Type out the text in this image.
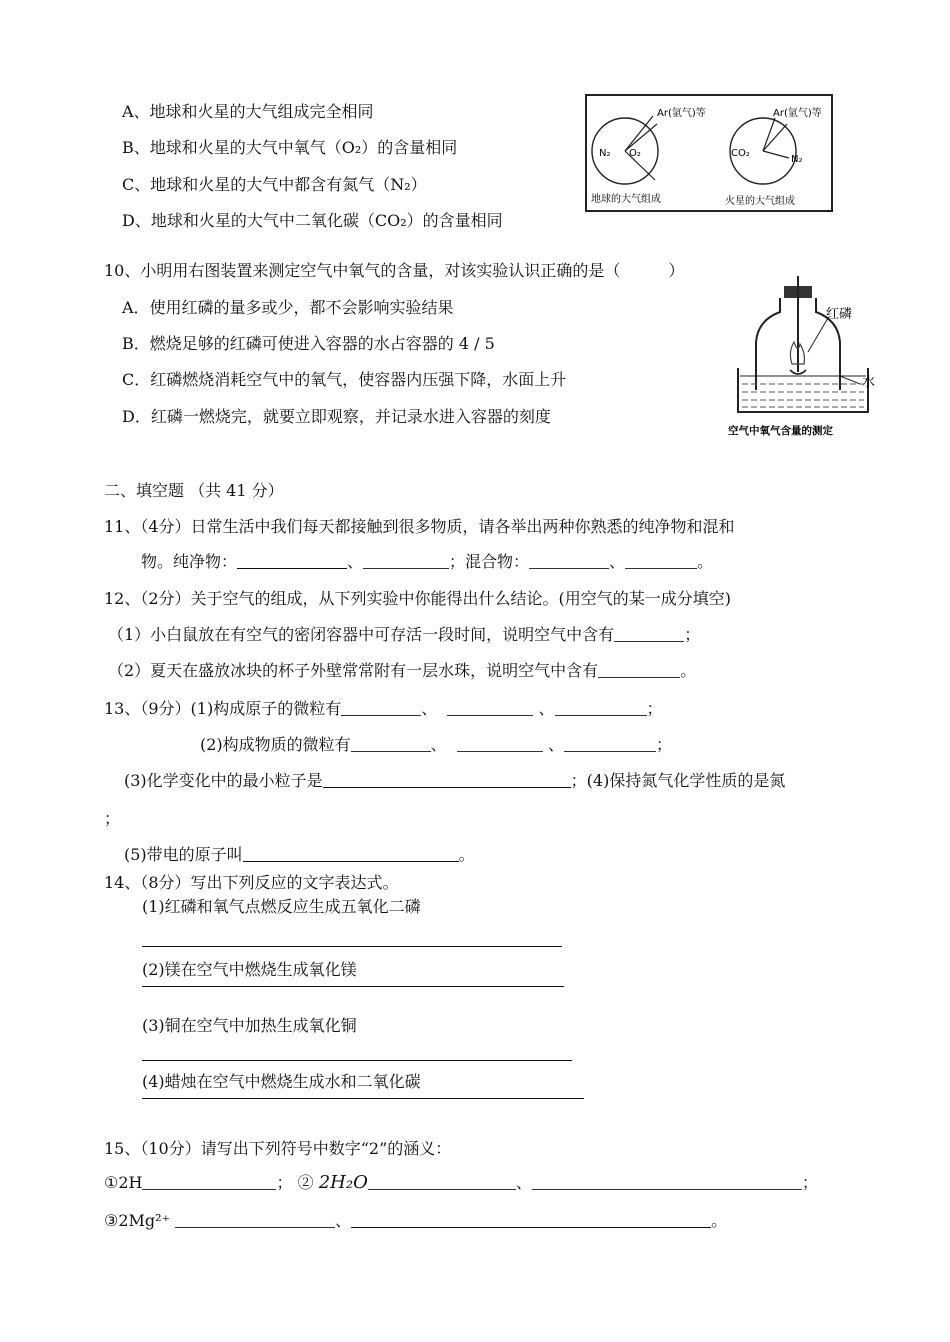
A、地球和火星的大气组成完全相同
B、地球和火星的大气中氧气（O₂）的含量相同
C、地球和火星的大气中都含有氮气（N₂）
D、地球和火星的大气中二氧化碳（CO₂）的含量相同
N₂ O₂
Ar(氩气)等
CO₂
N₂
Ar(氩气)等
地球的大气组成	火星的大气组成
10、小明用右图装置来测定空气中氧气的含量，对该实验认识正确的是（　　　）
A．使用红磷的量多或少，都不会影响实验结果
B．燃烧足够的红磷可使进入容器的水占容器的 4 / 5
C．红磷燃烧消耗空气中的氧气，使容器内压强下降，水面上升
D．红磷一燃烧完，就要立即观察，并记录水进入容器的刻度
红磷
水
空气中氧气含量的测定
二、填空题 （共 41 分）
11、（4分）日常生活中我们每天都接触到很多物质，请各举出两种你熟悉的纯净物和混和
物。纯净物：	、	；混合物：	、	。
12、（2分）关于空气的组成，从下列实验中你能得出什么结论。(用空气的某一成分填空)
（1）小白鼠放在有空气的密闭容器中可存活一段时间，说明空气中含有	；
（2）夏天在盛放冰块的杯子外壁常常附有一层水珠，说明空气中含有	。
13、（9分）(1)构成原子的微粒有	、	、	；
(2)构成物质的微粒有	、	、	；
(3)化学变化中的最小粒子是	；(4)保持氮气化学性质的是氮
；
(5)带电的原子叫	。
14、（8分）写出下列反应的文字表达式。
(1)红磷和氧气点燃反应生成五氧化二磷
(2)镁在空气中燃烧生成氧化镁
(3)铜在空气中加热生成氧化铜
(4)蜡烛在空气中燃烧生成水和二氧化碳
15、（10分）请写出下列符号中数字“2”的涵义：
①2H	； ② 2H₂O	、	；
③2Mg²⁺	、	。
